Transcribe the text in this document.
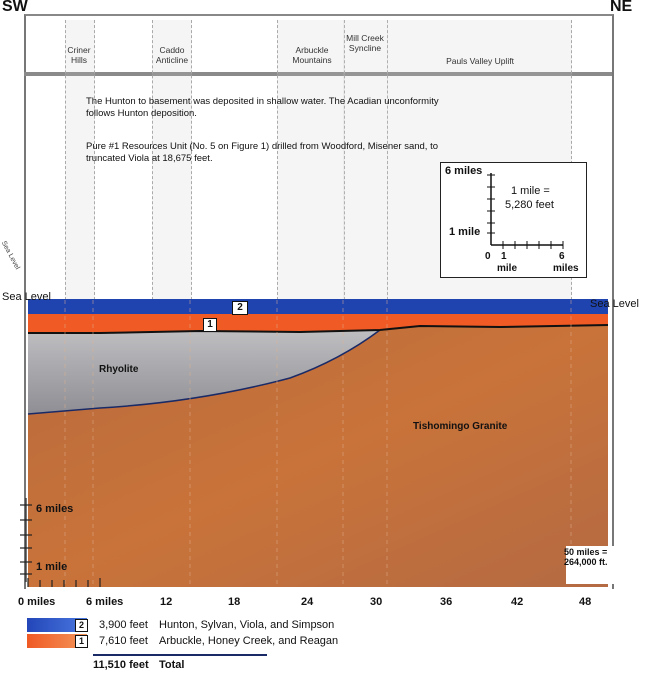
SW	NE
Criner Hills
Caddo Anticline
Arbuckle Mountains
Mill Creek Syncline
Pauls Valley Uplift
The Hunton to basement was deposited in shallow water. The Acadian unconformity follows Hunton deposition.
Pure #1 Resources Unit (No. 5 on Figure 1) drilled from Woodford, Misener sand, to truncated Viola at 18,675 feet.
Sea Level
6 miles
1 mile
1 mile =
5,280 feet
0 1
mile
6
miles
Sea Level
Sea Level
2
1
Rhyolite
Tishomingo Granite
6 miles
1 mile
50 miles =
264,000 ft.
0 miles	6 miles	12	18	24	30	36	42	48
2	3,900 feet Hunton, Sylvan, Viola, and Simpson
1	7,610 feet Arbuckle, Honey Creek, and Reagan
11,510 feet Total
